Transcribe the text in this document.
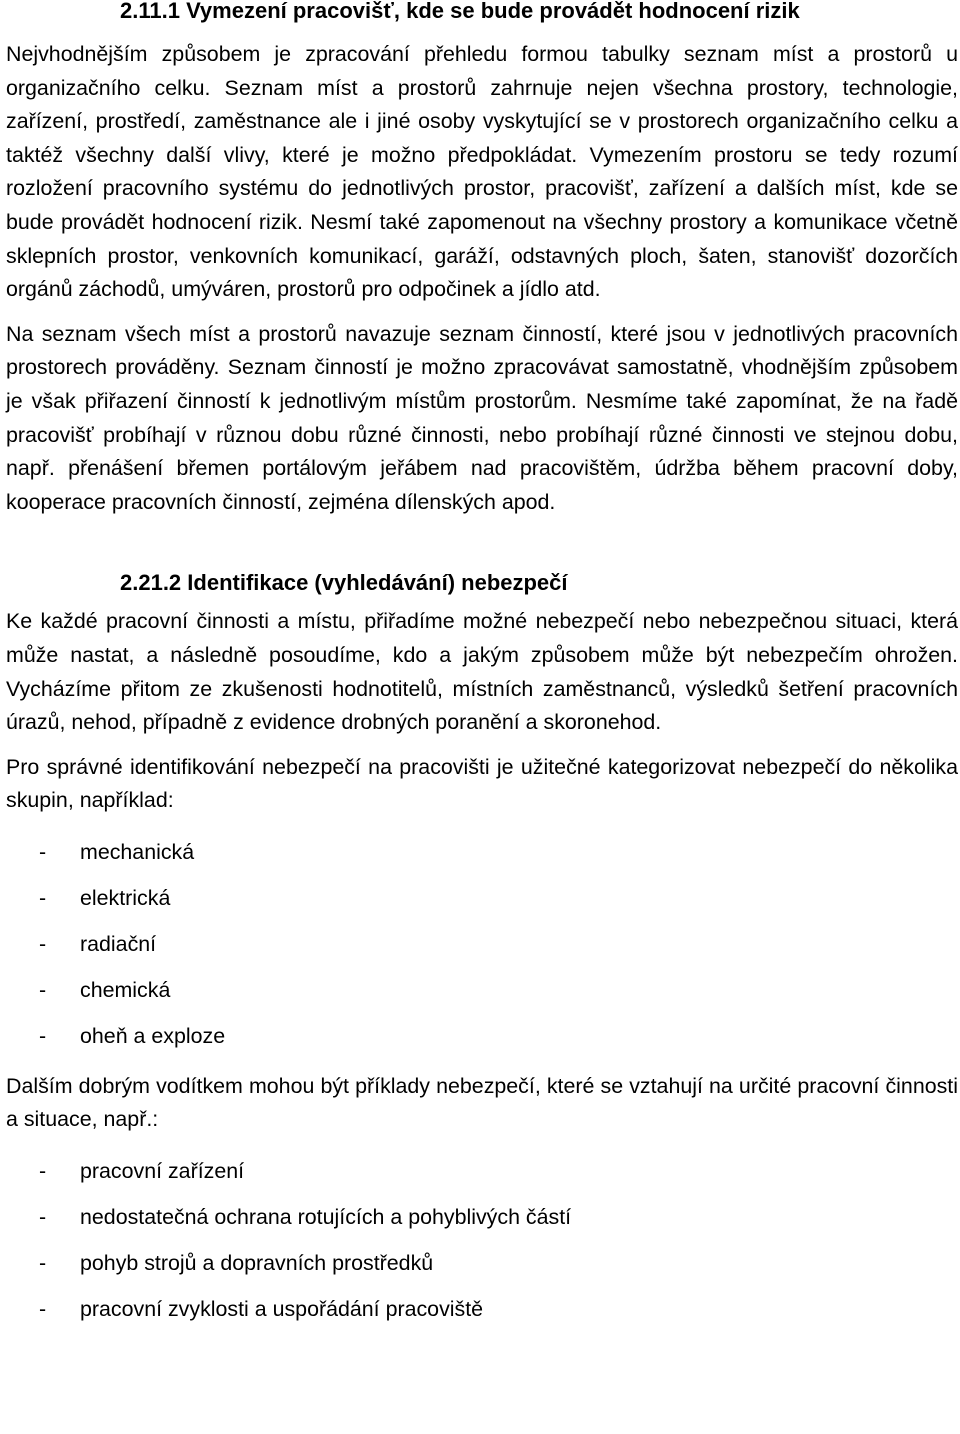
2.11.1 Vymezení pracovišť, kde se bude provádět hodnocení rizik

Nejvhodnějším způsobem je zpracování přehledu formou tabulky seznam míst a prostorů u organizačního celku. Seznam míst a prostorů zahrnuje nejen všechna prostory, technologie, zařízení, prostředí, zaměstnance ale i jiné osoby vyskytující se v prostorech organizačního celku a taktéž všechny další vlivy, které je možno předpokládat. Vymezením prostoru se tedy rozumí rozložení pracovního systému do jednotlivých prostor, pracovišť, zařízení a dalších míst, kde se bude provádět hodnocení rizik. Nesmí také zapomenout na všechny prostory a komunikace včetně sklepních prostor, venkovních komunikací, garáží, odstavných ploch, šaten, stanovišť dozorčích orgánů záchodů, umýváren, prostorů pro odpočinek a jídlo atd.

Na seznam všech míst a prostorů navazuje seznam činností, které jsou v jednotlivých pracovních prostorech prováděny. Seznam činností je možno zpracovávat samostatně, vhodnějším způsobem je však přiřazení činností k jednotlivým místům prostorům. Nesmíme také zapomínat, že na řadě pracovišť probíhají v různou dobu různé činnosti, nebo probíhají různé činnosti ve stejnou dobu, např. přenášení břemen portálovým jeřábem nad pracovištěm, údržba během pracovní doby, kooperace pracovních činností, zejména dílenských apod.

2.21.2 Identifikace (vyhledávání) nebezpečí

Ke každé pracovní činnosti a místu, přiřadíme možné nebezpečí nebo nebezpečnou situaci, která může nastat, a následně posoudíme, kdo a jakým způsobem může být nebezpečím ohrožen. Vycházíme přitom ze zkušenosti hodnotitelů, místních zaměstnanců, výsledků šetření pracovních úrazů, nehod, případně z evidence drobných poranění a skoronehod.

Pro správné identifikování nebezpečí na pracovišti je užitečné kategorizovat nebezpečí do několika skupin, například:

- mechanická
- elektrická
- radiační
- chemická
- oheň a exploze

Dalším dobrým vodítkem mohou být příklady nebezpečí, které se vztahují na určité pracovní činnosti a situace, např.:

- pracovní zařízení
- nedostatečná ochrana rotujících a pohyblivých částí
- pohyb strojů a dopravních prostředků
- pracovní zvyklosti a uspořádání pracoviště
